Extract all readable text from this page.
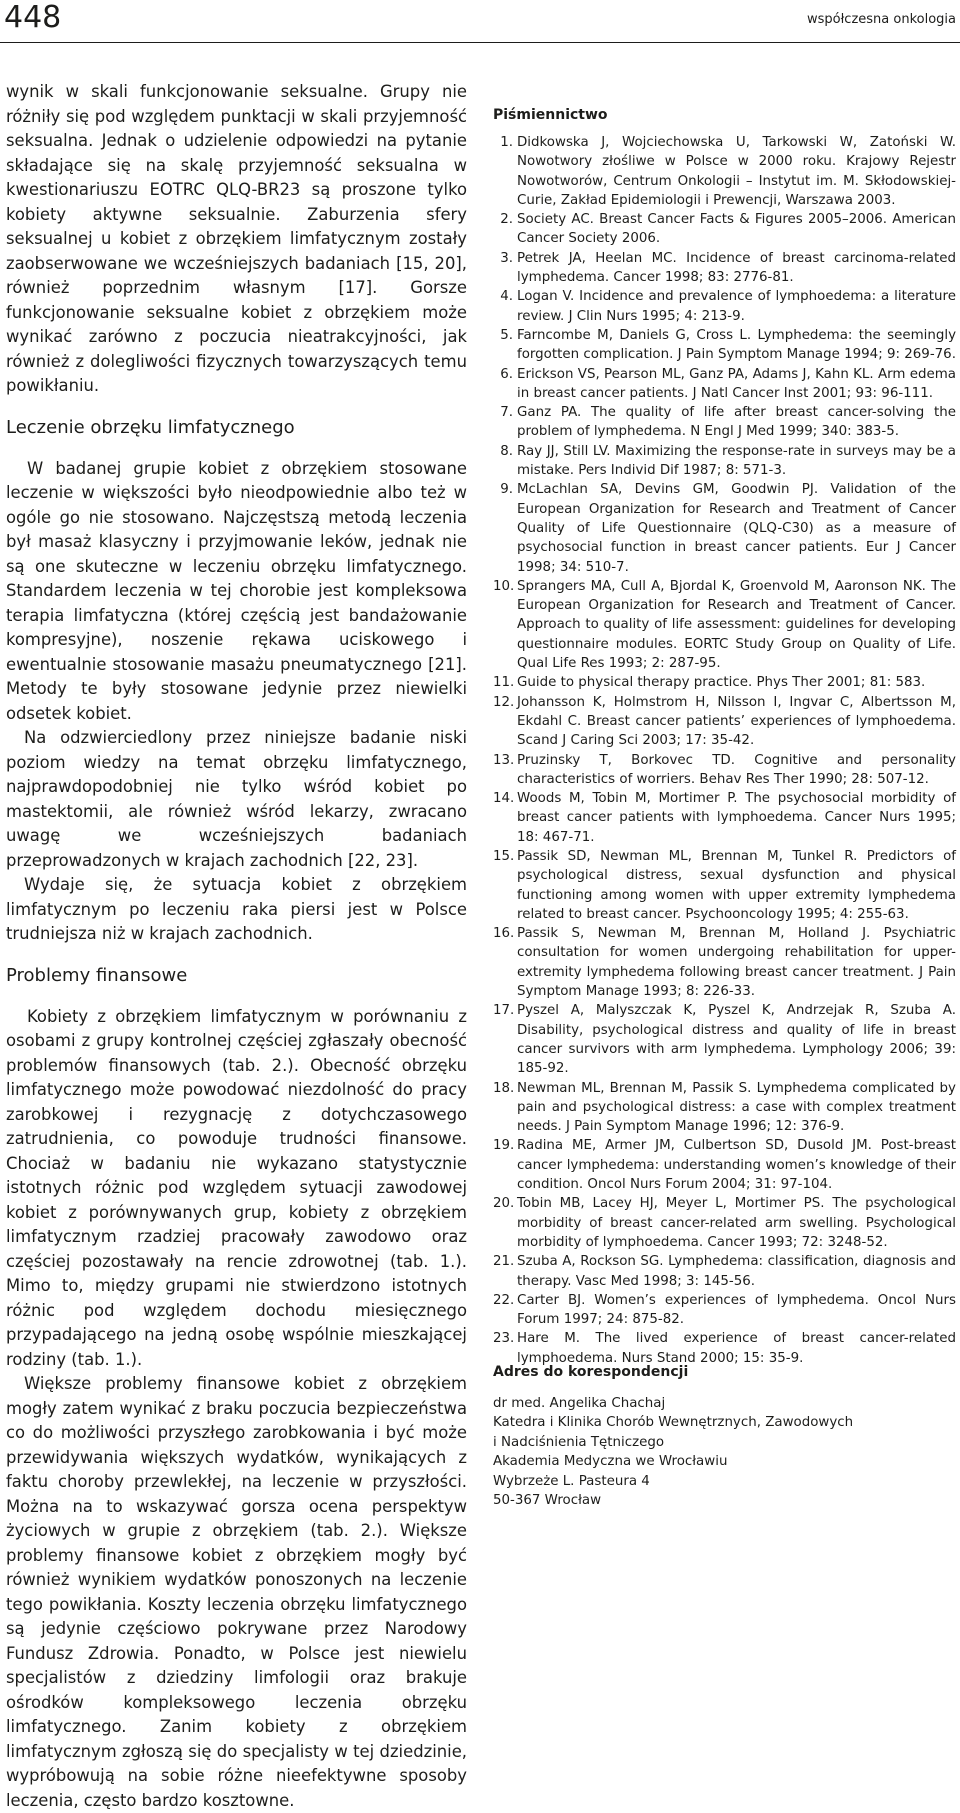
448	współczesna onkologia

wynik w skali funkcjonowanie seksualne. Grupy nie różniły się pod względem punktacji w skali przyjemność seksualna. Jednak o udzielenie odpowiedzi na pytanie składające się na skalę przyjemność seksualna w kwestionariuszu EOTRC QLQ-BR23 są proszone tylko kobiety aktywne seksualnie. Zaburzenia sfery seksualnej u kobiet z obrzękiem limfatycznym zostały zaobserwowane we wcześniejszych badaniach [15, 20], również poprzednim własnym [17]. Gorsze funkcjonowanie seksualne kobiet z obrzękiem może wynikać zarówno z poczucia nieatrakcyjności, jak również z dolegliwości fizycznych towarzyszących temu powikłaniu.

Leczenie obrzęku limfatycznego

W badanej grupie kobiet z obrzękiem stosowane leczenie w większości było nieodpowiednie albo też w ogóle go nie stosowano. Najczęstszą metodą leczenia był masaż klasyczny i przyjmowanie leków, jednak nie są one skuteczne w leczeniu obrzęku limfatycznego. Standardem leczenia w tej chorobie jest kompleksowa terapia limfatyczna (której częścią jest bandażowanie kompresyjne), noszenie rękawa uciskowego i ewentualnie stosowanie masażu pneumatycznego [21]. Metody te były stosowane jedynie przez niewielki odsetek kobiet.

Na odzwierciedlony przez niniejsze badanie niski poziom wiedzy na temat obrzęku limfatycznego, najprawdopodobniej nie tylko wśród kobiet po mastektomii, ale również wśród lekarzy, zwracano uwagę we wcześniejszych badaniach przeprowadzonych w krajach zachodnich [22, 23].

Wydaje się, że sytuacja kobiet z obrzękiem limfatycznym po leczeniu raka piersi jest w Polsce trudniejsza niż w krajach zachodnich.

Problemy finansowe

Kobiety z obrzękiem limfatycznym w porównaniu z osobami z grupy kontrolnej częściej zgłaszały obecność problemów finansowych (tab. 2.). Obecność obrzęku limfatycznego może powodować niezdolność do pracy zarobkowej i rezygnację z dotychczasowego zatrudnienia, co powoduje trudności finansowe. Chociaż w badaniu nie wykazano statystycznie istotnych różnic pod względem sytuacji zawodowej kobiet z porównywanych grup, kobiety z obrzękiem limfatycznym rzadziej pracowały zawodowo oraz częściej pozostawały na rencie zdrowotnej (tab. 1.). Mimo to, między grupami nie stwierdzono istotnych różnic pod względem dochodu miesięcznego przypadającego na jedną osobę wspólnie mieszkającej rodziny (tab. 1.).

Większe problemy finansowe kobiet z obrzękiem mogły zatem wynikać z braku poczucia bezpieczeństwa co do możliwości przyszłego zarobkowania i być może przewidywania większych wydatków, wynikających z faktu choroby przewlekłej, na leczenie w przyszłości. Można na to wskazywać gorsza ocena perspektyw życiowych w grupie z obrzękiem (tab. 2.). Większe problemy finansowe kobiet z obrzękiem mogły być również wynikiem wydatków ponoszonych na leczenie tego powikłania. Koszty leczenia obrzęku limfatycznego są jedynie częściowo pokrywane przez Narodowy Fundusz Zdrowia. Ponadto, w Polsce jest niewielu specjalistów z dziedziny limfologii oraz brakuje ośrodków kompleksowego leczenia obrzęku limfatycznego. Zanim kobiety z obrzękiem limfatycznym zgłoszą się do specjalisty w tej dziedzinie, wypróbowują na sobie różne nieefektywne sposoby leczenia, często bardzo kosztowne.

Piśmiennictwo
1. Didkowska J, Wojciechowska U, Tarkowski W, Zatoński W. Nowotwory złośliwe w Polsce w 2000 roku. Krajowy Rejestr Nowotworów, Centrum Onkologii – Instytut im. M. Skłodowskiej-Curie, Zakład Epidemiologii i Prewencji, Warszawa 2003.
2. Society AC. Breast Cancer Facts & Figures 2005–2006. American Cancer Society 2006.
3. Petrek JA, Heelan MC. Incidence of breast carcinoma-related lymphedema. Cancer 1998; 83: 2776-81.
4. Logan V. Incidence and prevalence of lymphoedema: a literature review. J Clin Nurs 1995; 4: 213-9.
5. Farncombe M, Daniels G, Cross L. Lymphedema: the seemingly forgotten complication. J Pain Symptom Manage 1994; 9: 269-76.
6. Erickson VS, Pearson ML, Ganz PA, Adams J, Kahn KL. Arm edema in breast cancer patients. J Natl Cancer Inst 2001; 93: 96-111.
7. Ganz PA. The quality of life after breast cancer-solving the problem of lymphedema. N Engl J Med 1999; 340: 383-5.
8. Ray JJ, Still LV. Maximizing the response-rate in surveys may be a mistake. Pers Individ Dif 1987; 8: 571-3.
9. McLachlan SA, Devins GM, Goodwin PJ. Validation of the European Organization for Research and Treatment of Cancer Quality of Life Questionnaire (QLQ-C30) as a measure of psychosocial function in breast cancer patients. Eur J Cancer 1998; 34: 510-7.
10. Sprangers MA, Cull A, Bjordal K, Groenvold M, Aaronson NK. The European Organization for Research and Treatment of Cancer. Approach to quality of life assessment: guidelines for developing questionnaire modules. EORTC Study Group on Quality of Life. Qual Life Res 1993; 2: 287-95.
11. Guide to physical therapy practice. Phys Ther 2001; 81: 583.
12. Johansson K, Holmstrom H, Nilsson I, Ingvar C, Albertsson M, Ekdahl C. Breast cancer patients’ experiences of lymphoedema. Scand J Caring Sci 2003; 17: 35-42.
13. Pruzinsky T, Borkovec TD. Cognitive and personality characteristics of worriers. Behav Res Ther 1990; 28: 507-12.
14. Woods M, Tobin M, Mortimer P. The psychosocial morbidity of breast cancer patients with lymphoedema. Cancer Nurs 1995; 18: 467-71.
15. Passik SD, Newman ML, Brennan M, Tunkel R. Predictors of psychological distress, sexual dysfunction and physical functioning among women with upper extremity lymphedema related to breast cancer. Psychooncology 1995; 4: 255-63.
16. Passik S, Newman M, Brennan M, Holland J. Psychiatric consultation for women undergoing rehabilitation for upper-extremity lymphedema following breast cancer treatment. J Pain Symptom Manage 1993; 8: 226-33.
17. Pyszel A, Malyszczak K, Pyszel K, Andrzejak R, Szuba A. Disability, psychological distress and quality of life in breast cancer survivors with arm lymphedema. Lymphology 2006; 39: 185-92.
18. Newman ML, Brennan M, Passik S. Lymphedema complicated by pain and psychological distress: a case with complex treatment needs. J Pain Symptom Manage 1996; 12: 376-9.
19. Radina ME, Armer JM, Culbertson SD, Dusold JM. Post-breast cancer lymphedema: understanding women’s knowledge of their condition. Oncol Nurs Forum 2004; 31: 97-104.
20. Tobin MB, Lacey HJ, Meyer L, Mortimer PS. The psychological morbidity of breast cancer-related arm swelling. Psychological morbidity of lymphoedema. Cancer 1993; 72: 3248-52.
21. Szuba A, Rockson SG. Lymphedema: classification, diagnosis and therapy. Vasc Med 1998; 3: 145-56.
22. Carter BJ. Women’s experiences of lymphedema. Oncol Nurs Forum 1997; 24: 875-82.
23. Hare M. The lived experience of breast cancer-related lymphoedema. Nurs Stand 2000; 15: 35-9.
Adres do korespondencji
dr med. Angelika Chachaj
Katedra i Klinika Chorób Wewnętrznych, Zawodowych
i Nadciśnienia Tętniczego
Akademia Medyczna we Wrocławiu
Wybrzeże L. Pasteura 4
50-367 Wrocław
